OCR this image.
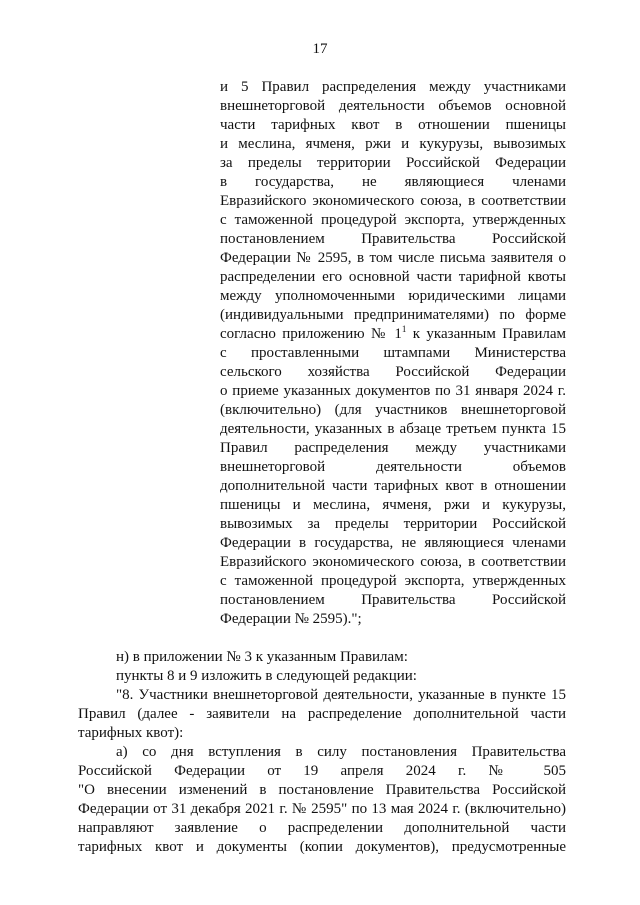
17
и 5 Правил распределения между участниками
внешнеторговой деятельности объемов основной
части тарифных квот в отношении пшеницы
и меслина, ячменя, ржи и кукурузы, вывозимых
за пределы территории Российской Федерации
в государства, не являющиеся членами
Евразийского экономического союза, в соответствии
с таможенной процедурой экспорта, утвержденных
постановлением Правительства Российской
Федерации № 2595, в том числе письма заявителя о
распределении его основной части тарифной квоты
между уполномоченными юридическими лицами
(индивидуальными предпринимателями) по форме
согласно приложению № $1^1$ к указанным Правилам
с проставленными штампами Министерства
сельского хозяйства Российской Федерации
о приеме указанных документов по 31 января 2024 г.
(включительно) (для участников внешнеторговой
деятельности, указанных в абзаце третьем пункта 15
Правил распределения между участниками
внешнеторговой деятельности объемов
дополнительной части тарифных квот в отношении
пшеницы и меслина, ячменя, ржи и кукурузы,
вывозимых за пределы территории Российской
Федерации в государства, не являющиеся членами
Евразийского экономического союза, в соответствии
с таможенной процедурой экспорта, утвержденных
постановлением Правительства Российской
Федерации № 2595).";
н) в приложении № 3 к указанным Правилам:
пункты 8 и 9 изложить в следующей редакции:
"8. Участники внешнеторговой деятельности, указанные в пункте 15
Правил (далее - заявители на распределение дополнительной части
тарифных квот):
а) со дня вступления в силу постановления Правительства
Российской Федерации от 19 апреля 2024 г. № 505
"О внесении изменений в постановление Правительства Российской
Федерации от 31 декабря 2021 г. № 2595" по 13 мая 2024 г. (включительно)
направляют заявление о распределении дополнительной части
тарифных квот и документы (копии документов), предусмотренные
